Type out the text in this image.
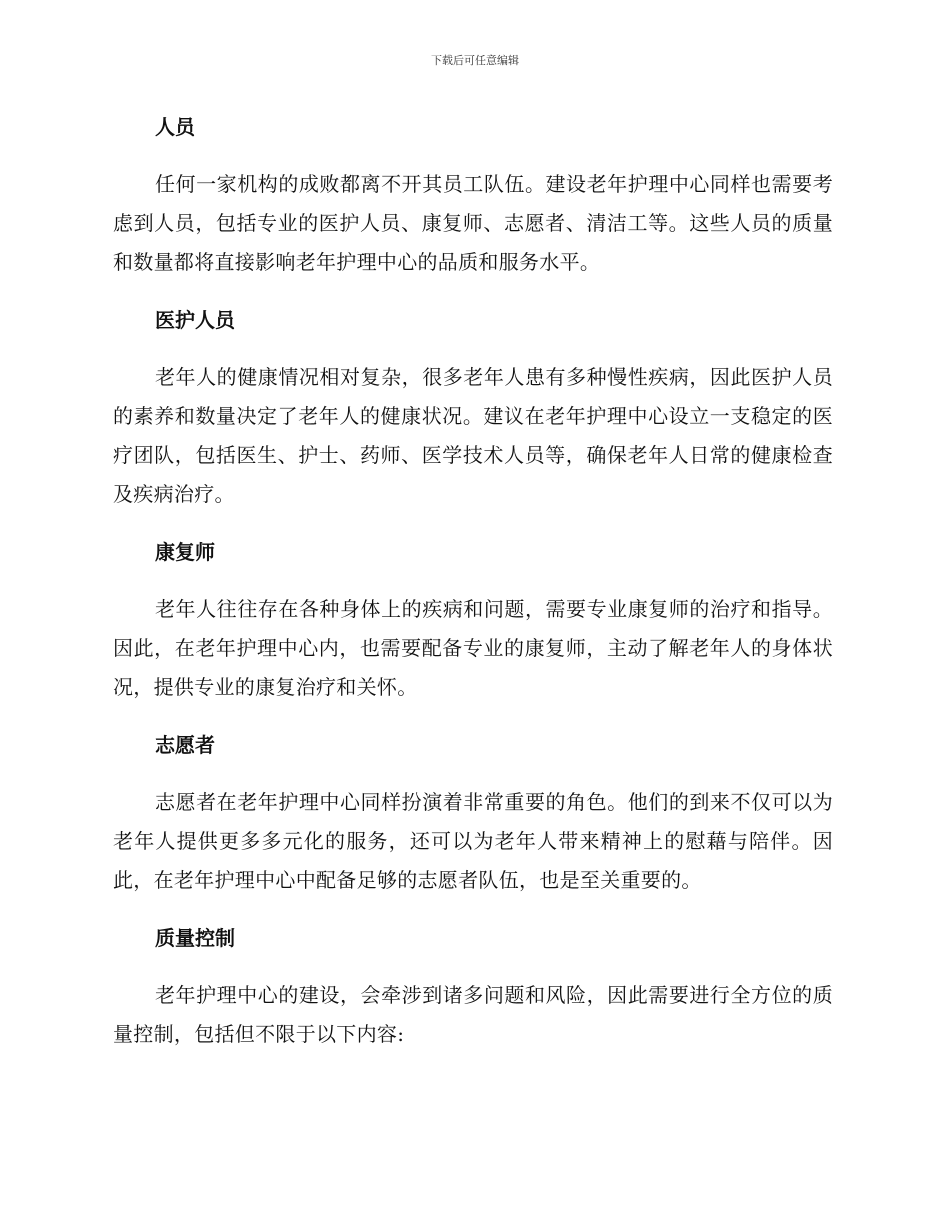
下载后可任意编辑
人员

任何一家机构的成败都离不开其员工队伍。建设老年护理中心同样也需要考虑到人员，包括专业的医护人员、康复师、志愿者、清洁工等。这些人员的质量和数量都将直接影响老年护理中心的品质和服务水平。

医护人员

老年人的健康情况相对复杂，很多老年人患有多种慢性疾病，因此医护人员的素养和数量决定了老年人的健康状况。建议在老年护理中心设立一支稳定的医疗团队，包括医生、护士、药师、医学技术人员等，确保老年人日常的健康检查及疾病治疗。

康复师

老年人往往存在各种身体上的疾病和问题，需要专业康复师的治疗和指导。因此，在老年护理中心内，也需要配备专业的康复师，主动了解老年人的身体状况，提供专业的康复治疗和关怀。

志愿者

志愿者在老年护理中心同样扮演着非常重要的角色。他们的到来不仅可以为老年人提供更多多元化的服务，还可以为老年人带来精神上的慰藉与陪伴。因此，在老年护理中心中配备足够的志愿者队伍，也是至关重要的。

质量控制

老年护理中心的建设，会牵涉到诸多问题和风险，因此需要进行全方位的质量控制，包括但不限于以下内容:
